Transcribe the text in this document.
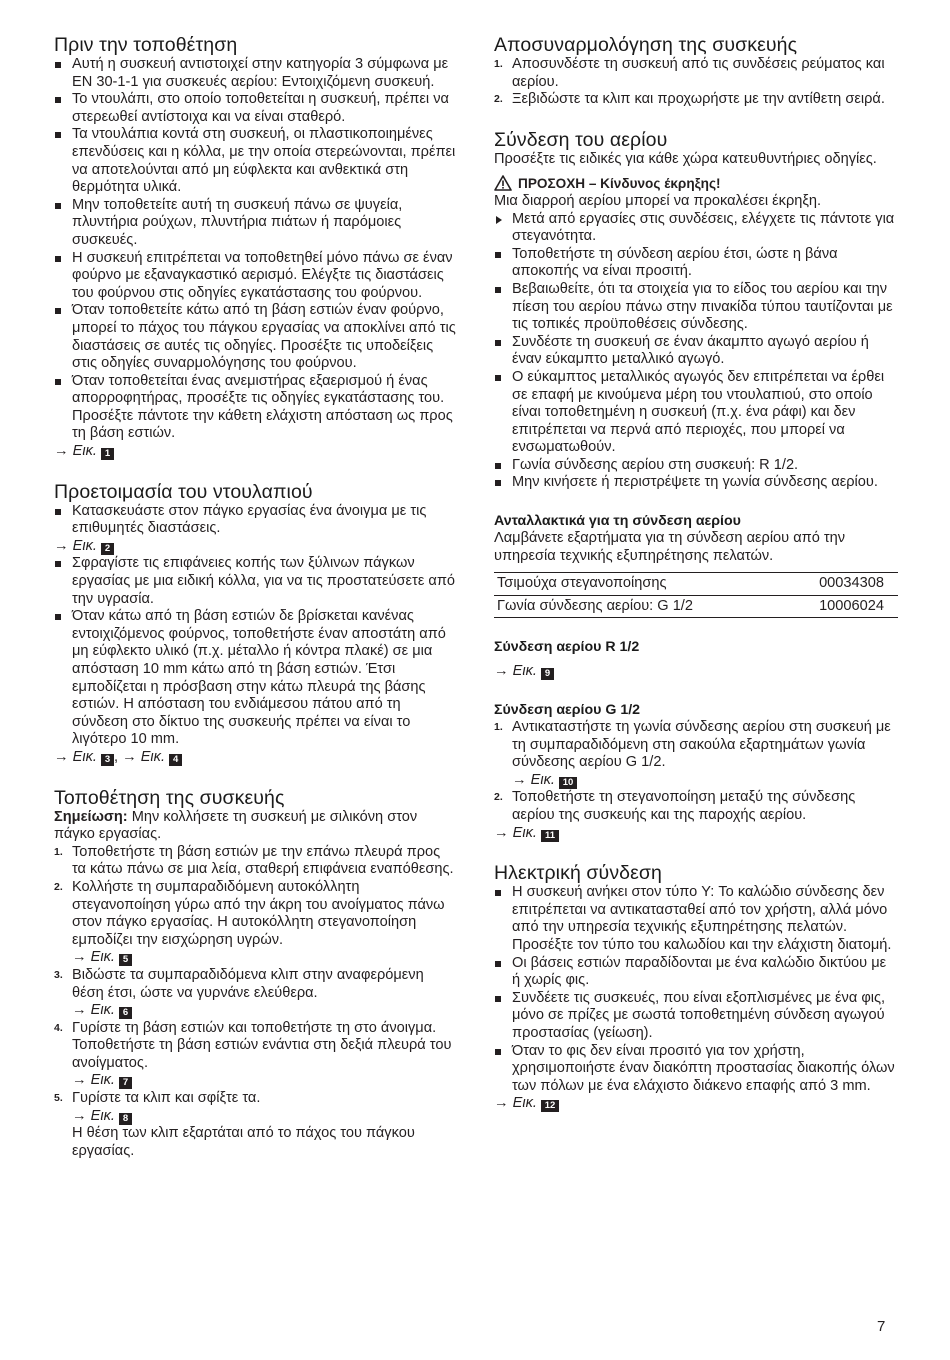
Πριν την τοποθέτηση
Αυτή η συσκευή αντιστοιχεί στην κατηγορία 3 σύμφωνα με EN 30-1-1 για συσκευές αερίου: Εντοιχιζόμενη συσκευή.
Το ντουλάπι, στο οποίο τοποθετείται η συσκευή, πρέπει να στερεωθεί αντίστοιχα και να είναι σταθερό.
Τα ντουλάπια κοντά στη συσκευή, οι πλαστικοποιημένες επενδύσεις και η κόλλα, με την οποία στερεώνονται, πρέπει να αποτελούνται από μη εύφλεκτα και ανθεκτικά στη θερμότητα υλικά.
Μην τοποθετείτε αυτή τη συσκευή πάνω σε ψυγεία, πλυντήρια ρούχων, πλυντήρια πιάτων ή παρόμοιες συσκευές.
Η συσκευή επιτρέπεται να τοποθετηθεί μόνο πάνω σε έναν φούρνο με εξαναγκαστικό αερισμό. Ελέγξτε τις διαστάσεις του φούρνου στις οδηγίες εγκατάστασης του φούρνου.
Όταν τοποθετείτε κάτω από τη βάση εστιών έναν φούρνο, μπορεί το πάχος του πάγκου εργασίας να αποκλίνει από τις διαστάσεις σε αυτές τις οδηγίες. Προσέξτε τις υποδείξεις στις οδηγίες συναρμολόγησης του φούρνου.
Όταν τοποθετείται ένας ανεμιστήρας εξαερισμού ή ένας απορροφητήρας, προσέξτε τις οδηγίες εγκατάστασης του. Προσέξτε πάντοτε την κάθετη ελάχιστη απόσταση ως προς τη βάση εστιών.
→ Εικ. 1
Προετοιμασία του ντουλαπιού
Κατασκευάστε στον πάγκο εργασίας ένα άνοιγμα με τις επιθυμητές διαστάσεις.
→ Εικ. 2
Σφραγίστε τις επιφάνειες κοπής των ξύλινων πάγκων εργασίας με μια ειδική κόλλα, για να τις προστατεύσετε από την υγρασία.
Όταν κάτω από τη βάση εστιών δε βρίσκεται κανένας εντοιχιζόμενος φούρνος, τοποθετήστε έναν αποστάτη από μη εύφλεκτο υλικό (π.χ. μέταλλο ή κόντρα πλακέ) σε μια απόσταση 10 mm κάτω από τη βάση εστιών. Έτσι εμποδίζεται η πρόσβαση στην κάτω πλευρά της βάσης εστιών. Η απόσταση του ενδιάμεσου πάτου από τη σύνδεση στο δίκτυο της συσκευής πρέπει να είναι το λιγότερο 10 mm.
→ Εικ. 3 , → Εικ. 4
Τοποθέτηση της συσκευής

Σημείωση: Μην κολλήσετε τη συσκευή με σιλικόνη στον πάγκο εργασίας.

1. Τοποθετήστε τη βάση εστιών με την επάνω πλευρά προς τα κάτω πάνω σε μια λεία, σταθερή επιφάνεια εναπόθεσης.
2. Κολλήστε τη συμπαραδιδόμενη αυτοκόλλητη στεγανοποίηση γύρω από την άκρη του ανοίγματος πάνω στον πάγκο εργασίας. Η αυτοκόλλητη στεγανοποίηση εμποδίζει την εισχώρηση υγρών.
→ Εικ. 5
3. Βιδώστε τα συμπαραδιδόμενα κλιπ στην αναφερόμενη θέση έτσι, ώστε να γυρνάνε ελεύθερα.
→ Εικ. 6
4. Γυρίστε τη βάση εστιών και τοποθετήστε τη στο άνοιγμα. Τοποθετήστε τη βάση εστιών ενάντια στη δεξιά πλευρά του ανοίγματος.
→ Εικ. 7
5. Γυρίστε τα κλιπ και σφίξτε τα.
→ Εικ. 8
Η θέση των κλιπ εξαρτάται από το πάχος του πάγκου εργασίας.
Αποσυναρμολόγηση της συσκευής
1. Αποσυνδέστε τη συσκευή από τις συνδέσεις ρεύματος και αερίου.
2. Ξεβιδώστε τα κλιπ και προχωρήστε με την αντίθετη σειρά.
Σύνδεση του αερίου

Προσέξτε τις ειδικές για κάθε χώρα κατευθυντήριες οδηγίες.

ΠΡΟΣΟΧΗ – Κίνδυνος έκρηξης!

Μια διαρροή αερίου μπορεί να προκαλέσει έκρηξη.

Μετά από εργασίες στις συνδέσεις, ελέγχετε τις πάντοτε για στεγανότητα.
Τοποθετήστε τη σύνδεση αερίου έτσι, ώστε η βάνα αποκοπής να είναι προσιτή.
Βεβαιωθείτε, ότι τα στοιχεία για το είδος του αερίου και την πίεση του αερίου πάνω στην πινακίδα τύπου ταυτίζονται με τις τοπικές προϋποθέσεις σύνδεσης.
Συνδέστε τη συσκευή σε έναν άκαμπτο αγωγό αερίου ή έναν εύκαμπτο μεταλλικό αγωγό.
Ο εύκαμπτος μεταλλικός αγωγός δεν επιτρέπεται να έρθει σε επαφή με κινούμενα μέρη του ντουλαπιού, στο οποίο είναι τοποθετημένη η συσκευή (π.χ. ένα ράφι) και δεν επιτρέπεται να περνά από περιοχές, που μπορεί να ενσωματωθούν.
Γωνία σύνδεσης αερίου στη συσκευή: R 1/2.
Μην κινήσετε ή περιστρέψετε τη γωνία σύνδεσης αερίου.
Ανταλλακτικά για τη σύνδεση αερίου

Λαμβάνετε εξαρτήματα για τη σύνδεση αερίου από την υπηρεσία τεχνικής εξυπηρέτησης πελατών.

Τσιμούχα στεγανοποίησης	00034308
Γωνία σύνδεσης αερίου: G 1/2	10006024
Σύνδεση αερίου R 1/2
→ Εικ. 9
Σύνδεση αερίου G 1/2
1. Αντικαταστήστε τη γωνία σύνδεσης αερίου στη συσκευή με τη συμπαραδιδόμενη στη σακούλα εξαρτημάτων γωνία σύνδεσης αερίου G 1/2.
→ Εικ. 10
2. Τοποθετήστε τη στεγανοποίηση μεταξύ της σύνδεσης αερίου της συσκευής και της παροχής αερίου.
→ Εικ. 11
Ηλεκτρική σύνδεση
Η συσκευή ανήκει στον τύπο Y: Το καλώδιο σύνδεσης δεν επιτρέπεται να αντικατασταθεί από τον χρήστη, αλλά μόνο από την υπηρεσία τεχνικής εξυπηρέτησης πελατών. Προσέξτε τον τύπο του καλωδίου και την ελάχιστη διατομή.
Οι βάσεις εστιών παραδίδονται με ένα καλώδιο δικτύου με ή χωρίς φις.
Συνδέετε τις συσκευές, που είναι εξοπλισμένες με ένα φις, μόνο σε πρίζες με σωστά τοποθετημένη σύνδεση αγωγού προστασίας (γείωση).
Όταν το φις δεν είναι προσιτό για τον χρήστη, χρησιμοποιήστε έναν διακόπτη προστασίας διακοπής όλων των πόλων με ένα ελάχιστο διάκενο επαφής από 3 mm.
→ Εικ. 12
7
